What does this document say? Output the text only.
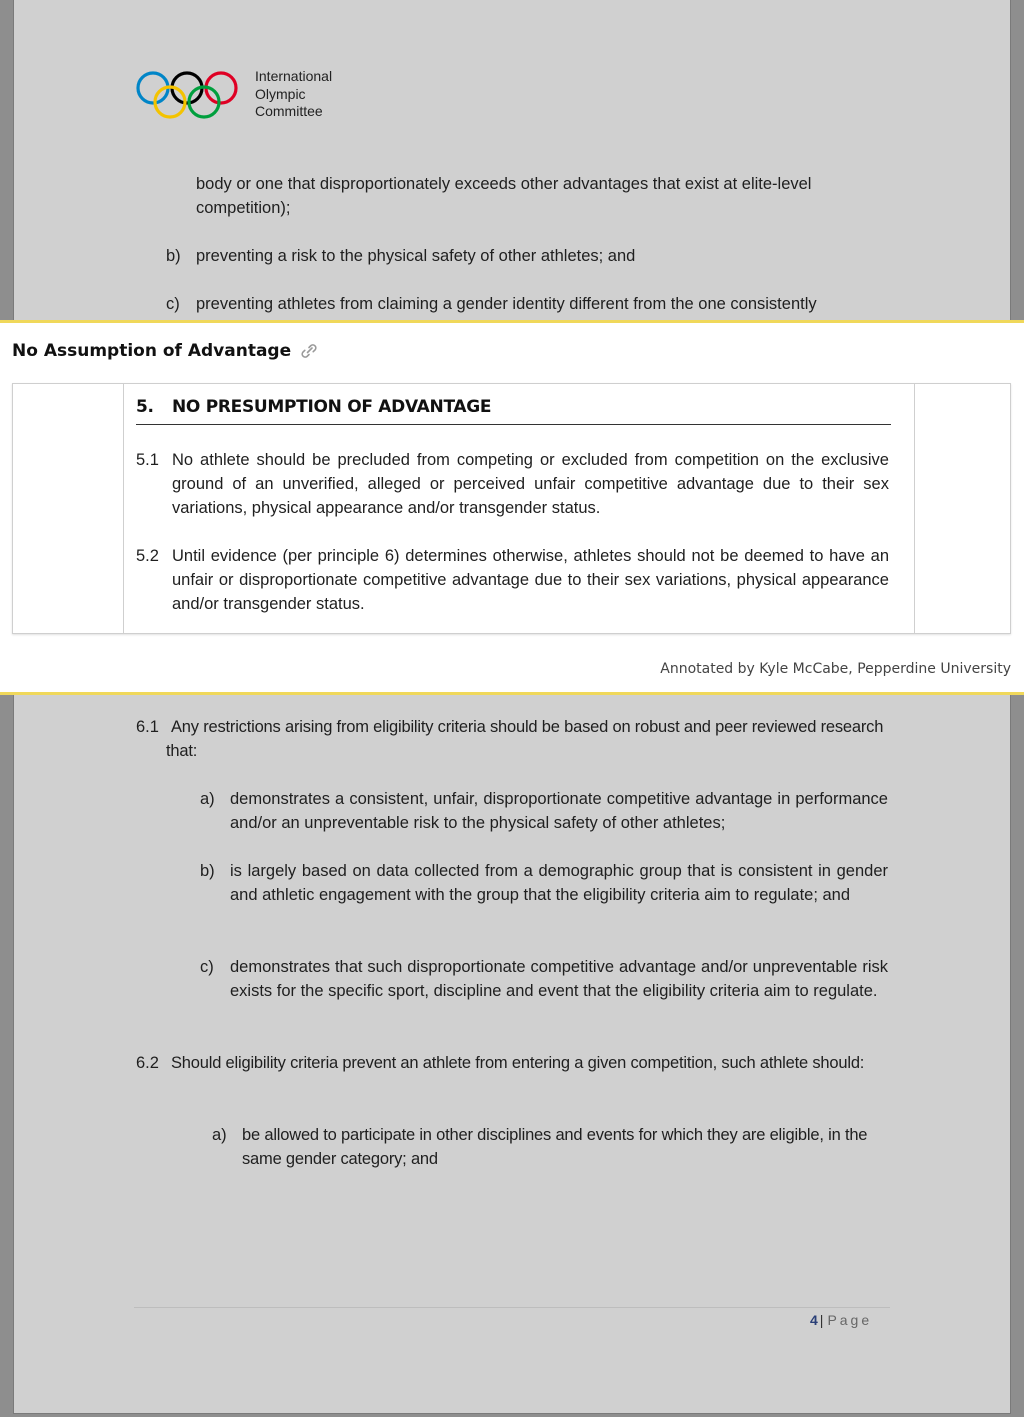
International
Olympic
Committee
body or one that disproportionately exceeds other advantages that exist at elite-level
competition);
b) preventing a risk to the physical safety of other athletes; and
c) preventing athletes from claiming a gender identity different from the one consistently
No Assumption of Advantage
5. NO PRESUMPTION OF ADVANTAGE
5.1 No athlete should be precluded from competing or excluded from competition on the exclusive ground of an unverified, alleged or perceived unfair competitive advantage due to their sex variations, physical appearance and/or transgender status.
5.2 Until evidence (per principle 6) determines otherwise, athletes should not be deemed to have an unfair or disproportionate competitive advantage due to their sex variations, physical appearance and/or transgender status.
Annotated by Kyle McCabe, Pepperdine University
6.1 Any restrictions arising from eligibility criteria should be based on robust and peer reviewed research that:
a) demonstrates a consistent, unfair, disproportionate competitive advantage in performance and/or an unpreventable risk to the physical safety of other athletes;
b) is largely based on data collected from a demographic group that is consistent in gender and athletic engagement with the group that the eligibility criteria aim to regulate; and
c) demonstrates that such disproportionate competitive advantage and/or unpreventable risk exists for the specific sport, discipline and event that the eligibility criteria aim to regulate.
6.2 Should eligibility criteria prevent an athlete from entering a given competition, such athlete should:
a) be allowed to participate in other disciplines and events for which they are eligible, in the same gender category; and
4 | Page
